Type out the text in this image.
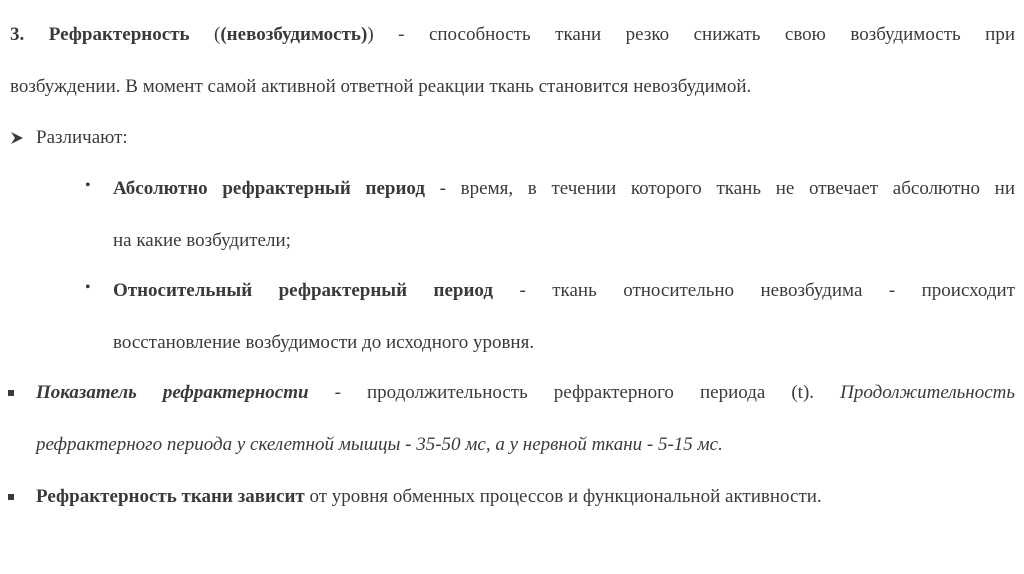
3. Рефрактерность ((невозбудимость)) - способность ткани резко снижать свою возбудимость при
возбуждении. В момент самой активной ответной реакции ткань становится невозбудимой.
Различают:
• Абсолютно рефрактерный период - время, в течении которого ткань не отвечает абсолютно ни
на какие возбудители;
• Относительный рефрактерный период - ткань относительно невозбудима - происходит
восстановление возбудимости до исходного уровня.
Показатель рефрактерности - продолжительность рефрактерного периода (t). Продолжительность
рефрактерного периода у скелетной мышцы - 35-50 мс, а у нервной ткани - 5-15 мс.
Рефрактерность ткани зависит от уровня обменных процессов и функциональной активности.
